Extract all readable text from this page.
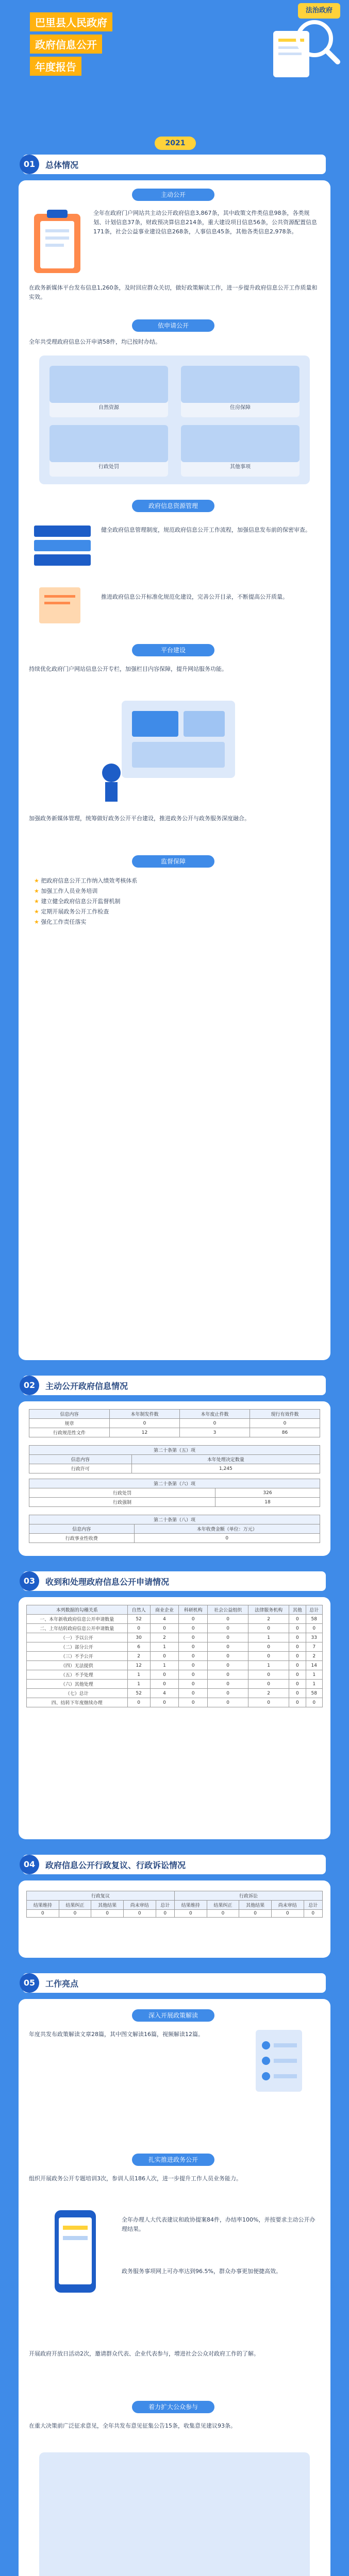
法治政府
巴里县人民政府
政府信息公开
年度报告
2021
01	总体情况
主动公开
全年在政府门户网站共主动公开政府信息3,867条，其中政策文件类信息98条，各类规划、计划信息37条，财政预决算信息214条，重大建设项目信息56条，公共资源配置信息171条，社会公益事业建设信息268条，人事信息45条，其他各类信息2,978条。
在政务新媒体平台发布信息1,260条，及时回应群众关切，做好政策解读工作，进一步提升政府信息公开工作质量和实效。
依申请公开
全年共受理政府信息公开申请58件，均已按时办结。
自然资源	住房保障
行政处罚	其他事项
政府信息资源管理
健全政府信息管理制度，规范政府信息公开工作流程，加强信息发布前的保密审查。
推进政府信息公开标准化规范化建设，完善公开目录，不断提高公开质量。
平台建设
持续优化政府门户网站信息公开专栏，加强栏目内容保障，提升网站服务功能。
加强政务新媒体管理，统筹做好政务公开平台建设，推进政务公开与政务服务深度融合。
监督保障
★ 把政府信息公开工作纳入绩效考核体系
★ 加强工作人员业务培训
★ 建立健全政府信息公开监督机制
★ 定期开展政务公开工作检查
★ 强化工作责任落实
02	主动公开政府信息情况
信息内容	本年制发件数	本年废止件数	现行有效件数
规章	0	0	0
行政规范性文件	12	3	86
第二十条第（五）项	
信息内容	本年处理决定数量
行政许可	1,245
第二十条第（六）项	
行政处罚	326
行政强制	18
第二十条第（八）项	
信息内容	本年收费金额（单位：万元）
行政事业性收费	0
03	收到和处理政府信息公开申请情况
本列数据的勾稽关系	自然人	商业企业	科研机构	社会公益组织	法律服务机构	其他	总计
一、本年新收政府信息公开申请数量	52	4	0	0	2	0	58
二、上年结转政府信息公开申请数量	0	0	0	0	0	0	0
（一）予以公开	30	2	0	0	1	0	33
（二）部分公开	6	1	0	0	0	0	7
（三）不予公开	2	0	0	0	0	0	2
（四）无法提供	12	1	0	0	1	0	14
（五）不予处理	1	0	0	0	0	0	1
（六）其他处理	1	0	0	0	0	0	1
（七）总计	52	4	0	0	2	0	58
四、结转下年度继续办理	0	0	0	0	0	0	0
04	政府信息公开行政复议、行政诉讼情况
行政复议					行政诉讼				
结果维持	结果纠正	其他结果	尚未审结	总计	结果维持	结果纠正	其他结果	尚未审结	总计
0	0	0	0	0	0	0	0	0	0
05	工作亮点
深入开展政策解读
年度共发布政策解读文章28篇，其中图文解读16篇，视频解读12篇。
扎实推进政务公开
组织开展政务公开专题培训3次，参训人员186人次，进一步提升工作人员业务能力。
全年办理人大代表建议和政协提案84件，办结率100%，并按要求主动公开办理结果。
政务服务事项网上可办率达到96.5%，群众办事更加便捷高效。
开展政府开放日活动2次，邀请群众代表、企业代表参与，增进社会公众对政府工作的了解。
着力扩大公众参与
在重大决策前广泛征求意见，全年共发布意见征集公告15条，收集意见建议93条。
